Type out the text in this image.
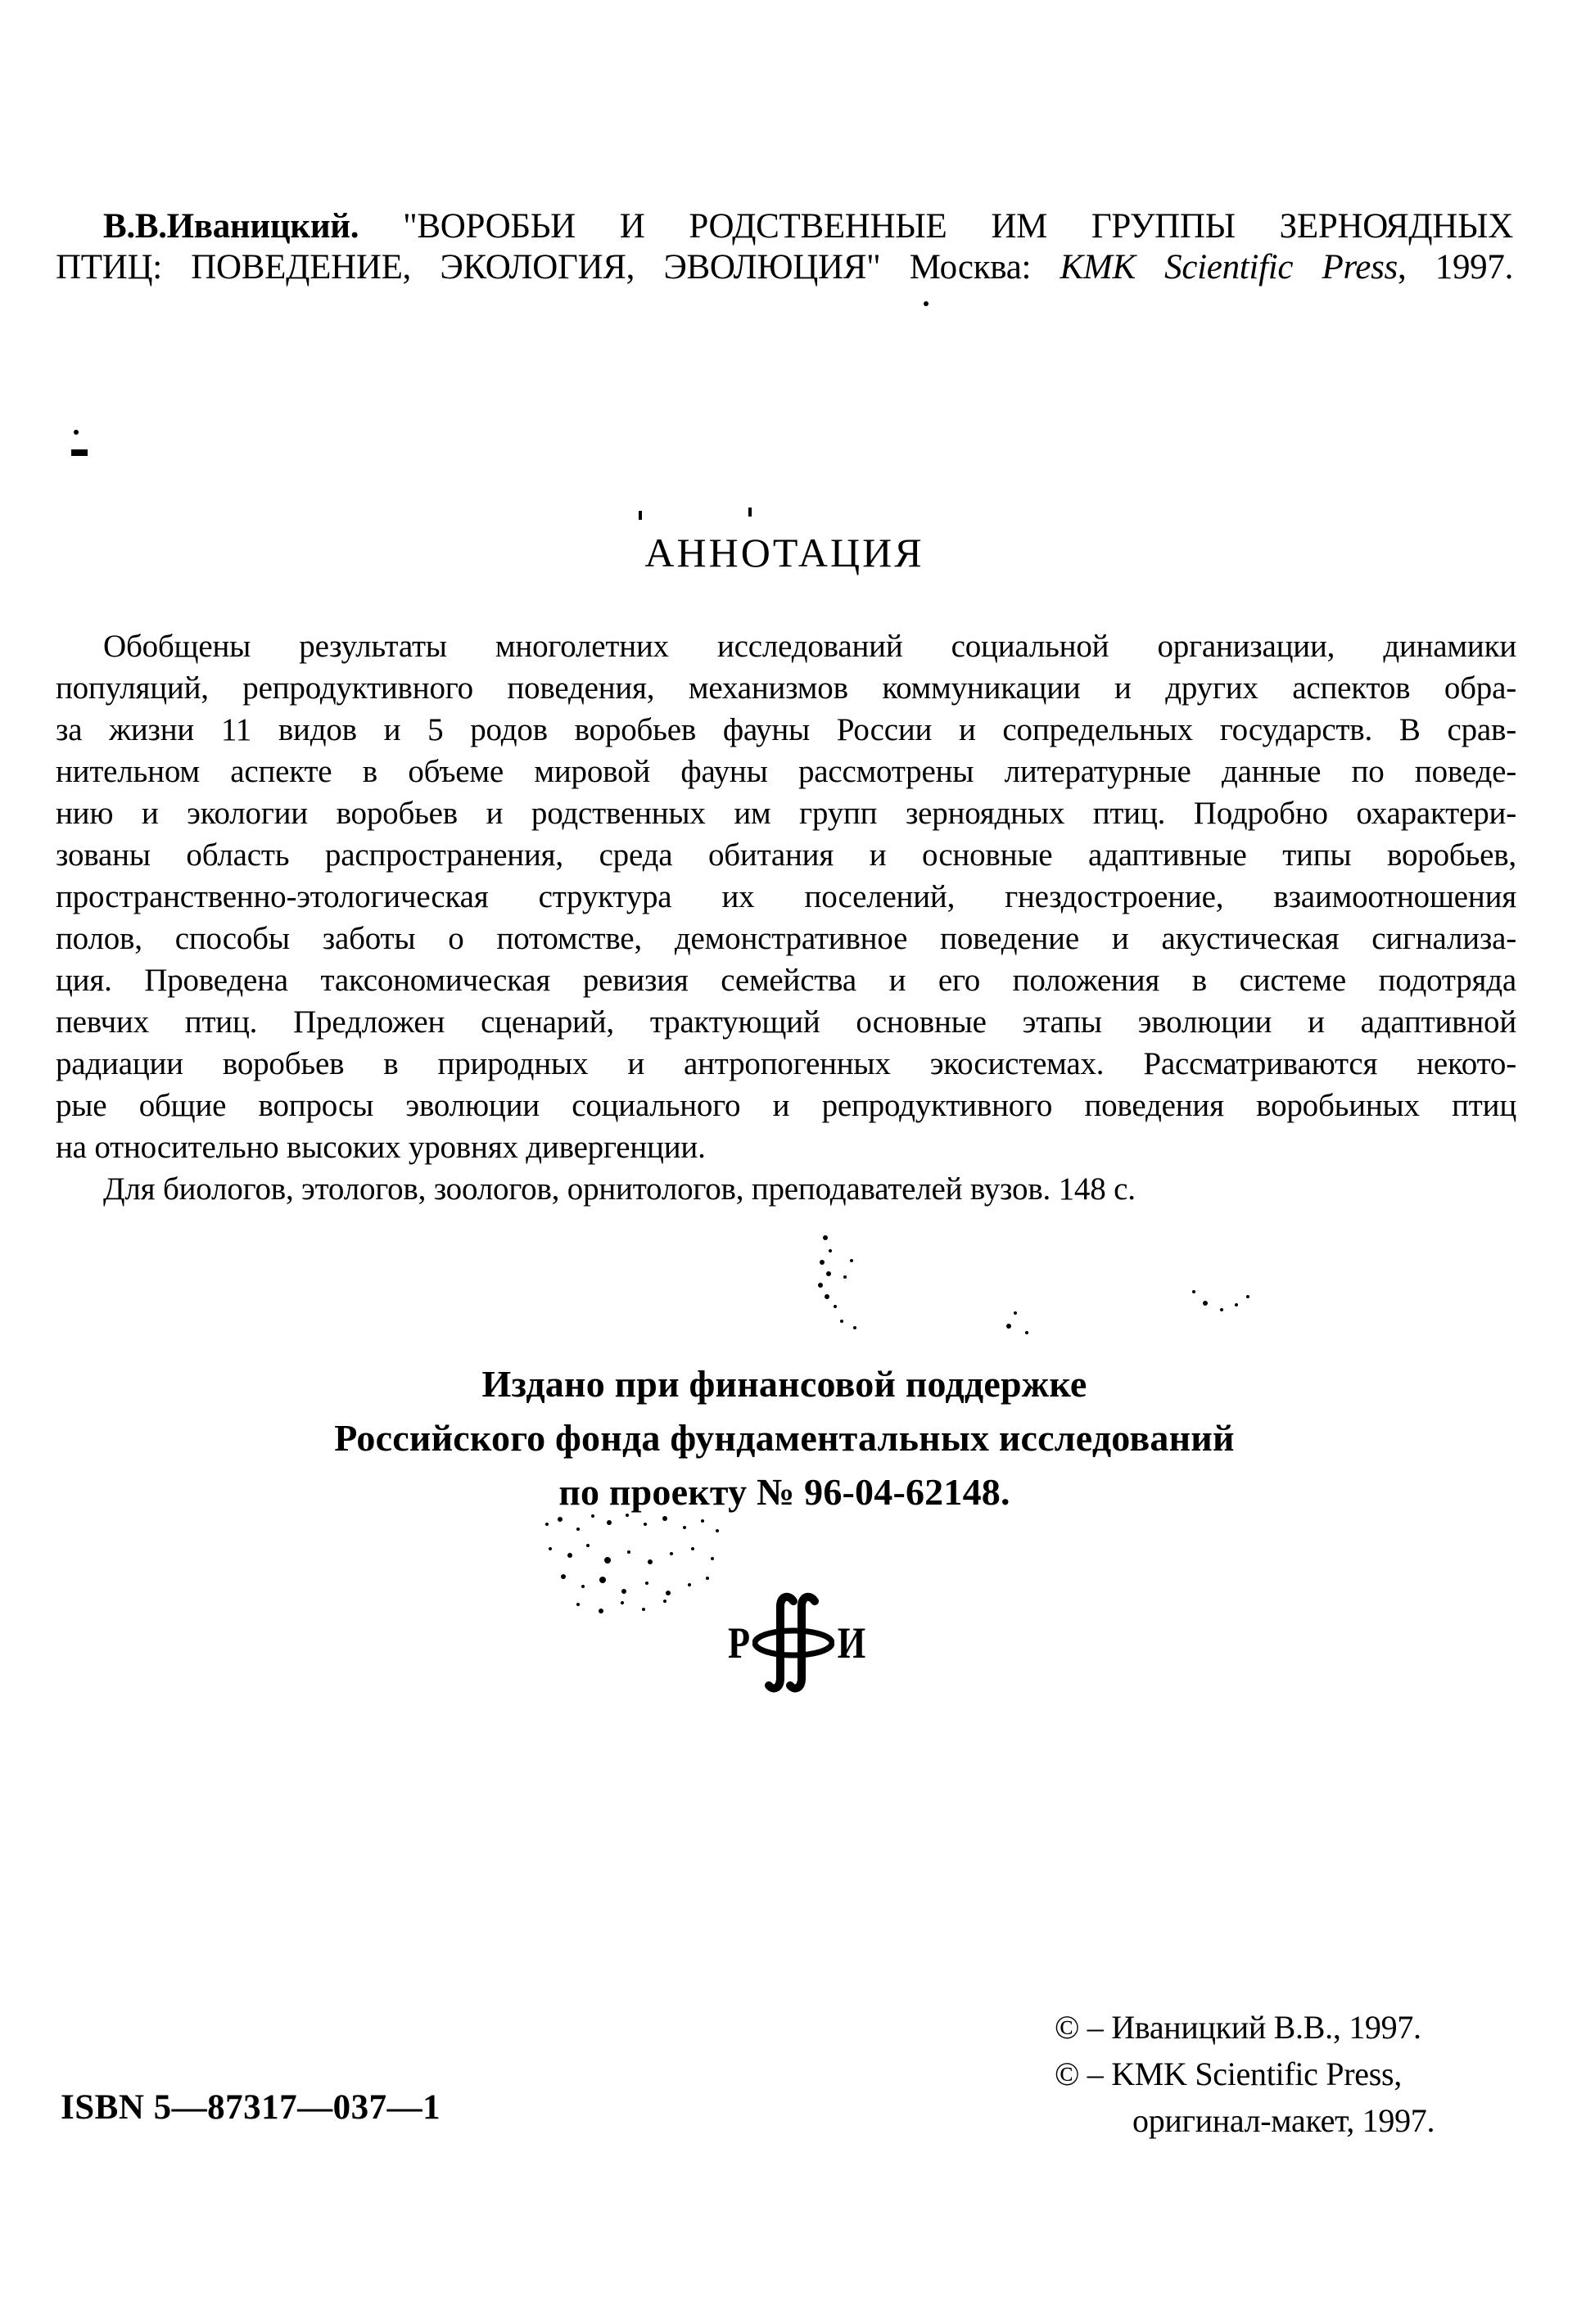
В.В.Иваницкий. "ВОРОБЬИ И РОДСТВЕННЫЕ ИМ ГРУППЫ ЗЕРНОЯДНЫХ
ПТИЦ: ПОВЕДЕНИЕ, ЭКОЛОГИЯ, ЭВОЛЮЦИЯ" Москва: KMK Scientific Press, 1997.
АННОТАЦИЯ
Обобщены результаты многолетних исследований социальной организации, динамики
популяций, репродуктивного поведения, механизмов коммуникации и других аспектов обра-
за жизни 11 видов и 5 родов воробьев фауны России и сопредельных государств. В срав-
нительном аспекте в объеме мировой фауны рассмотрены литературные данные по поведе-
нию и экологии воробьев и родственных им групп зерноядных птиц. Подробно охарактери-
зованы область распространения, среда обитания и основные адаптивные типы воробьев,
пространственно-этологическая структура их поселений, гнездостроение, взаимоотношения
полов, способы заботы о потомстве, демонстративное поведение и акустическая сигнализа-
ция. Проведена таксономическая ревизия семейства и его положения в системе подотряда
певчих птиц. Предложен сценарий, трактующий основные этапы эволюции и адаптивной
радиации воробьев в природных и антропогенных экосистемах. Рассматриваются некото-
рые общие вопросы эволюции социального и репродуктивного поведения воробьиных птиц
на относительно высоких уровнях дивергенции.
Для биологов, этологов, зоологов, орнитологов, преподавателей вузов. 148 с.
Издано при финансовой поддержке
Российского фонда фундаментальных исследований
по проекту № 96-04-62148.
Р И
© – Иваницкий В.В., 1997.
© – KMK Scientific Press,
оригинал-макет, 1997.
ISBN 5—87317—037—1
